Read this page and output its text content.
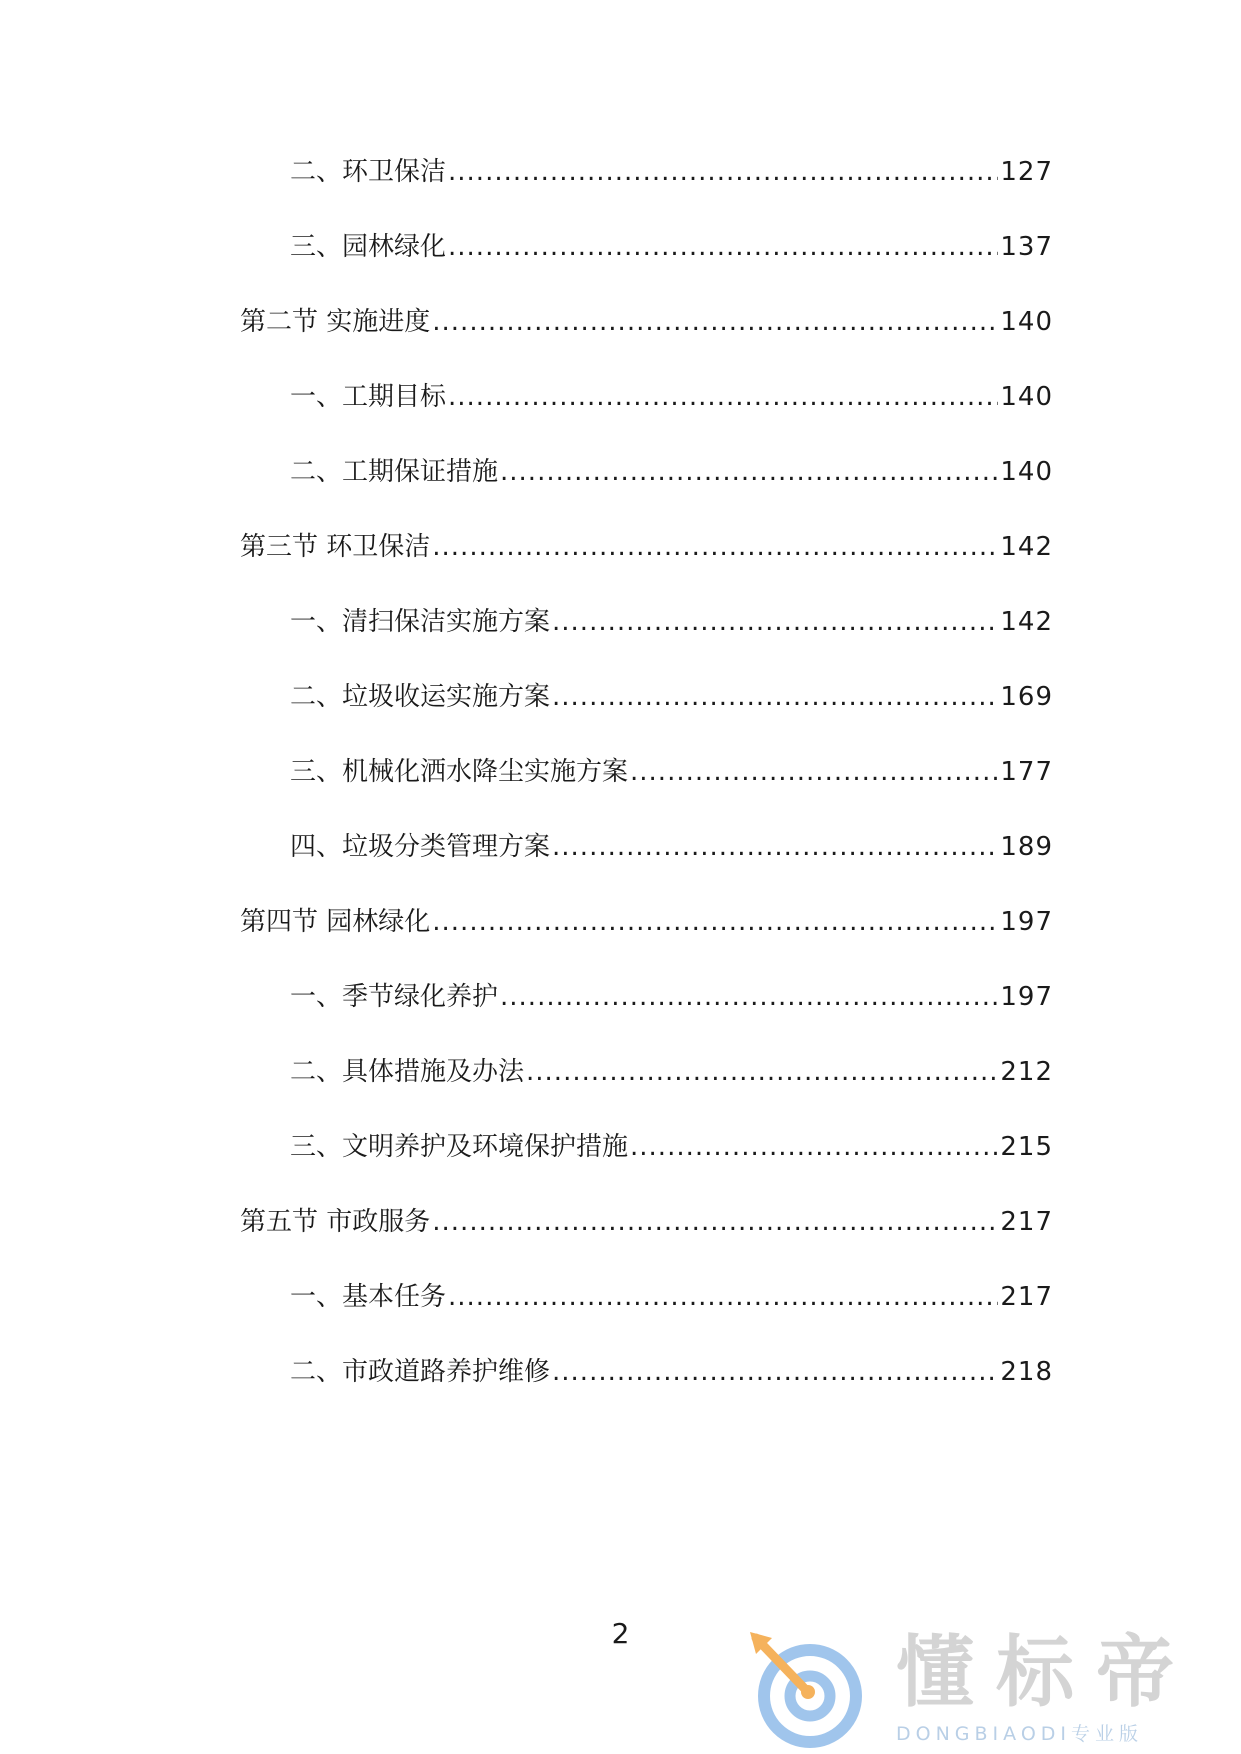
二、环卫保洁 .....	127
三、园林绿化 .....	137
第二节 实施进度 .....	140
一、工期目标 .....	140
二、工期保证措施 .....	140
第三节 环卫保洁 .....	142
一、清扫保洁实施方案 .....	142
二、垃圾收运实施方案 .....	169
三、机械化洒水降尘实施方案 .....	177
四、垃圾分类管理方案 .....	189
第四节 园林绿化 .....	197
一、季节绿化养护 .....	197
二、具体措施及办法 .....	212
三、文明养护及环境保护措施 .....	215
第五节 市政服务 .....	217
一、基本任务 .....	217
二、市政道路养护维修 .....	218
2	懂标帝
DONGBIAODI专业版
